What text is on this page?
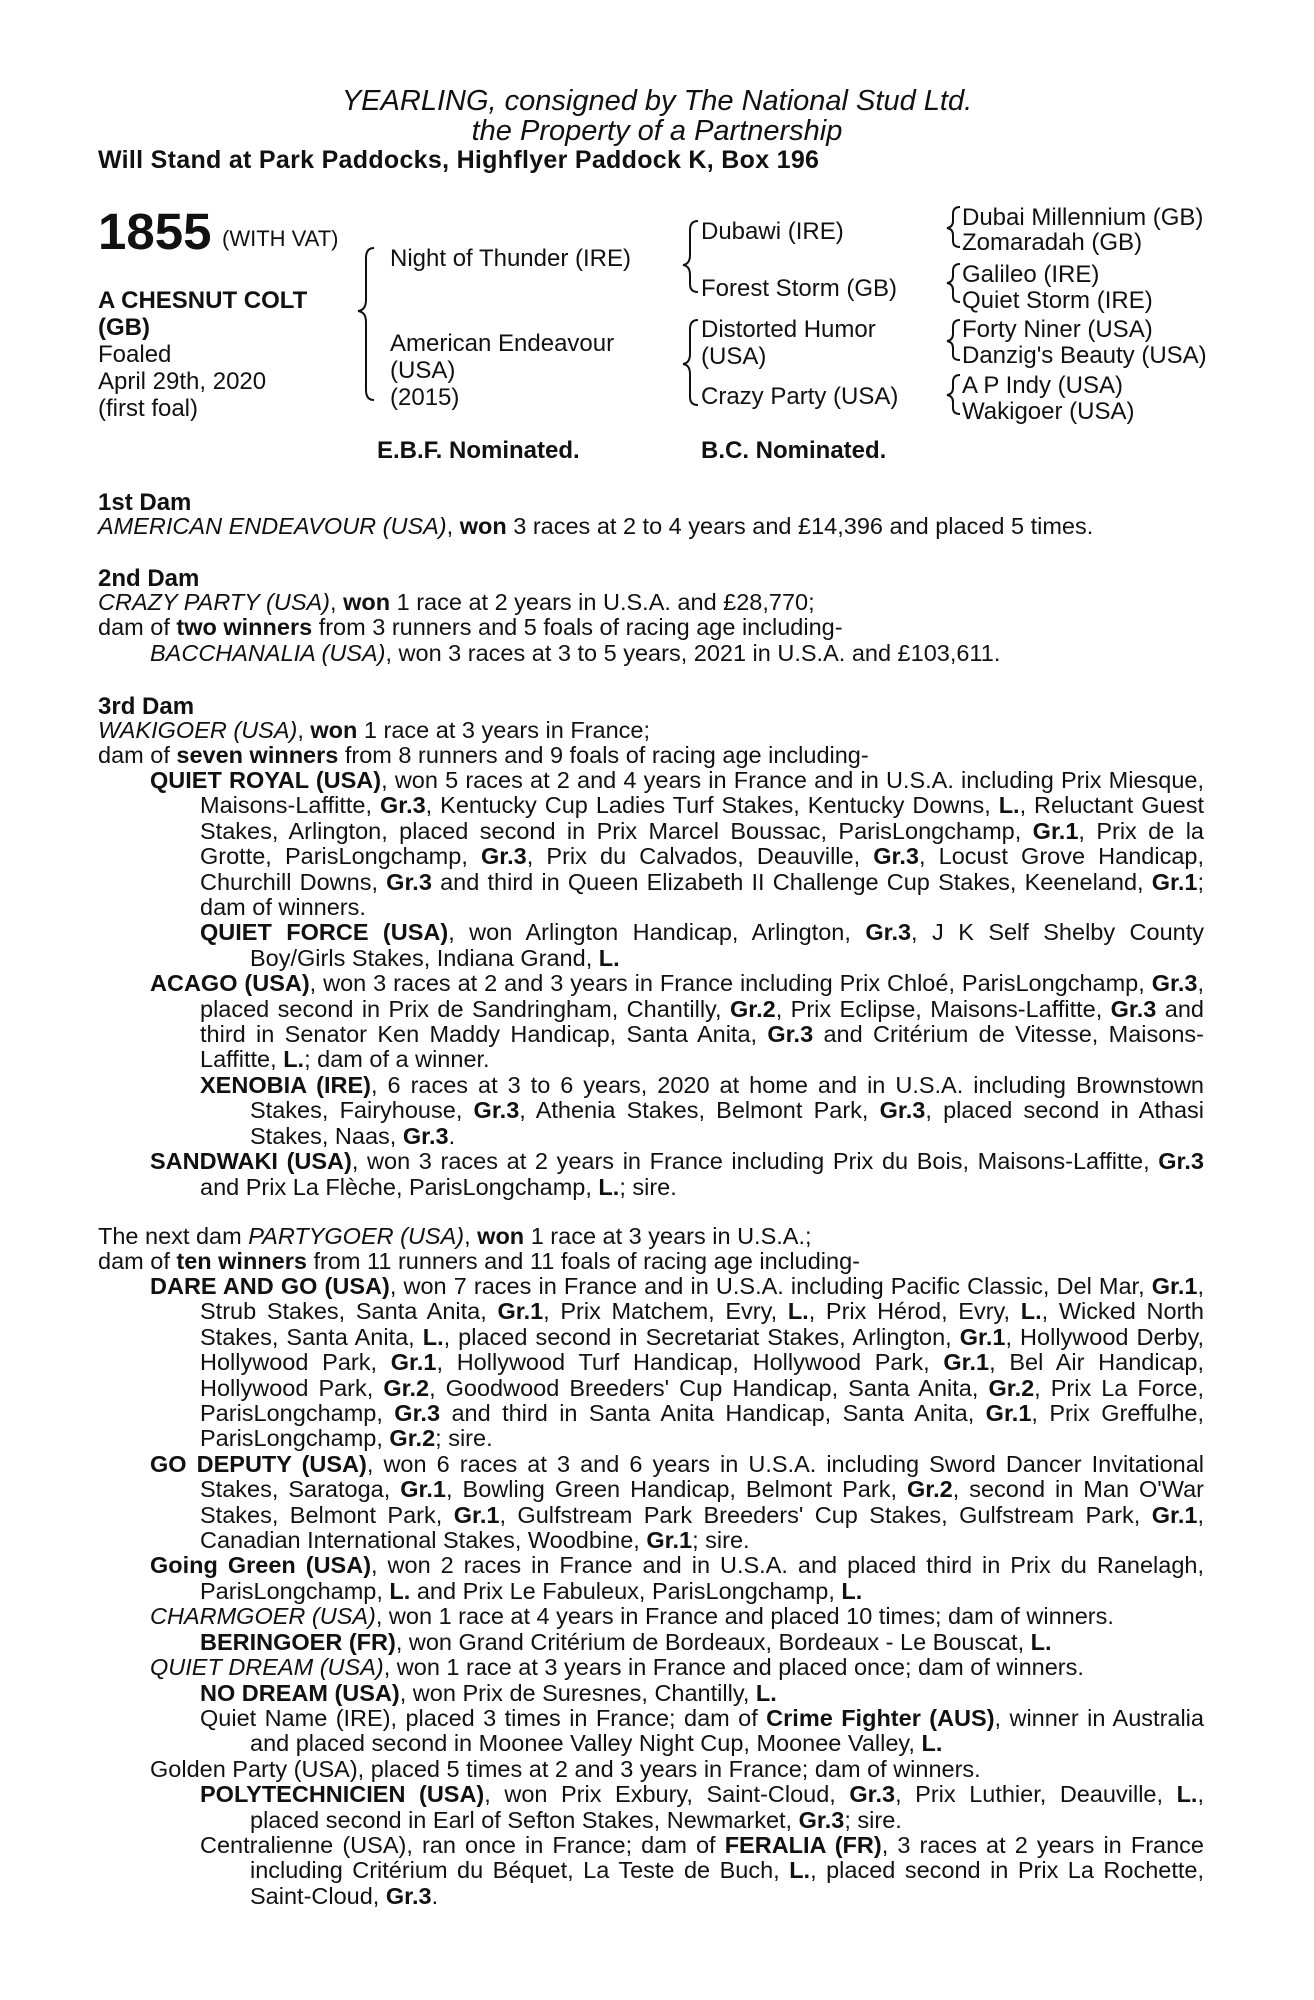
YEARLING, consigned by The National Stud Ltd.
the Property of a Partnership
Will Stand at Park Paddocks, Highflyer Paddock K, Box 196
1855 (WITH VAT)
A CHESNUT COLT
(GB)
Foaled
April 29th, 2020
(first foal)
Night of Thunder (IRE)
American Endeavour
(USA)
(2015)
Dubawi (IRE)
Forest Storm (GB)
Distorted Humor
(USA)
Crazy Party (USA)
Dubai Millennium (GB)
Zomaradah (GB)
Galileo (IRE)
Quiet Storm (IRE)
Forty Niner (USA)
Danzig's Beauty (USA)
A P Indy (USA)
Wakigoer (USA)
E.B.F. Nominated.	B.C. Nominated.
1st Dam
AMERICAN ENDEAVOUR (USA), won 3 races at 2 to 4 years and £14,396 and placed 5 times.
2nd Dam
CRAZY PARTY (USA), won 1 race at 2 years in U.S.A. and £28,770;
dam of two winners from 3 runners and 5 foals of racing age including-
BACCHANALIA (USA), won 3 races at 3 to 5 years, 2021 in U.S.A. and £103,611.
3rd Dam
WAKIGOER (USA), won 1 race at 3 years in France;
dam of seven winners from 8 runners and 9 foals of racing age including-

QUIET ROYAL (USA), won 5 races at 2 and 4 years in France and in U.S.A. including Prix Miesque, Maisons-Laffitte, Gr.3, Kentucky Cup Ladies Turf Stakes, Kentucky Downs, L., Reluctant Guest Stakes, Arlington, placed second in Prix Marcel Boussac, ParisLongchamp, Gr.1, Prix de la Grotte, ParisLongchamp, Gr.3, Prix du Calvados, Deauville, Gr.3, Locust Grove Handicap, Churchill Downs, Gr.3 and third in Queen Elizabeth II Challenge Cup Stakes, Keeneland, Gr.1; dam of winners.

QUIET FORCE (USA), won Arlington Handicap, Arlington, Gr.3, J K Self Shelby County Boy/Girls Stakes, Indiana Grand, L.

ACAGO (USA), won 3 races at 2 and 3 years in France including Prix Chloé, ParisLongchamp, Gr.3, placed second in Prix de Sandringham, Chantilly, Gr.2, Prix Eclipse, Maisons-Laffitte, Gr.3 and third in Senator Ken Maddy Handicap, Santa Anita, Gr.3 and Critérium de Vitesse, Maisons-Laffitte, L.; dam of a winner.

XENOBIA (IRE), 6 races at 3 to 6 years, 2020 at home and in U.S.A. including Brownstown Stakes, Fairyhouse, Gr.3, Athenia Stakes, Belmont Park, Gr.3, placed second in Athasi Stakes, Naas, Gr.3.

SANDWAKI (USA), won 3 races at 2 years in France including Prix du Bois, Maisons-Laffitte, Gr.3 and Prix La Flèche, ParisLongchamp, L.; sire.

The next dam PARTYGOER (USA), won 1 race at 3 years in U.S.A.;
dam of ten winners from 11 runners and 11 foals of racing age including-

DARE AND GO (USA), won 7 races in France and in U.S.A. including Pacific Classic, Del Mar, Gr.1, Strub Stakes, Santa Anita, Gr.1, Prix Matchem, Evry, L., Prix Hérod, Evry, L., Wicked North Stakes, Santa Anita, L., placed second in Secretariat Stakes, Arlington, Gr.1, Hollywood Derby, Hollywood Park, Gr.1, Hollywood Turf Handicap, Hollywood Park, Gr.1, Bel Air Handicap, Hollywood Park, Gr.2, Goodwood Breeders' Cup Handicap, Santa Anita, Gr.2, Prix La Force, ParisLongchamp, Gr.3 and third in Santa Anita Handicap, Santa Anita, Gr.1, Prix Greffulhe, ParisLongchamp, Gr.2; sire.

GO DEPUTY (USA), won 6 races at 3 and 6 years in U.S.A. including Sword Dancer Invitational Stakes, Saratoga, Gr.1, Bowling Green Handicap, Belmont Park, Gr.2, second in Man O'War Stakes, Belmont Park, Gr.1, Gulfstream Park Breeders' Cup Stakes, Gulfstream Park, Gr.1, Canadian International Stakes, Woodbine, Gr.1; sire.

Going Green (USA), won 2 races in France and in U.S.A. and placed third in Prix du Ranelagh, ParisLongchamp, L. and Prix Le Fabuleux, ParisLongchamp, L.

CHARMGOER (USA), won 1 race at 4 years in France and placed 10 times; dam of winners.

BERINGOER (FR), won Grand Critérium de Bordeaux, Bordeaux - Le Bouscat, L.

QUIET DREAM (USA), won 1 race at 3 years in France and placed once; dam of winners.

NO DREAM (USA), won Prix de Suresnes, Chantilly, L.

Quiet Name (IRE), placed 3 times in France; dam of Crime Fighter (AUS), winner in Australia and placed second in Moonee Valley Night Cup, Moonee Valley, L.

Golden Party (USA), placed 5 times at 2 and 3 years in France; dam of winners.

POLYTECHNICIEN (USA), won Prix Exbury, Saint-Cloud, Gr.3, Prix Luthier, Deauville, L., placed second in Earl of Sefton Stakes, Newmarket, Gr.3; sire.

Centralienne (USA), ran once in France; dam of FERALIA (FR), 3 races at 2 years in France including Critérium du Béquet, La Teste de Buch, L., placed second in Prix La Rochette, Saint-Cloud, Gr.3.
